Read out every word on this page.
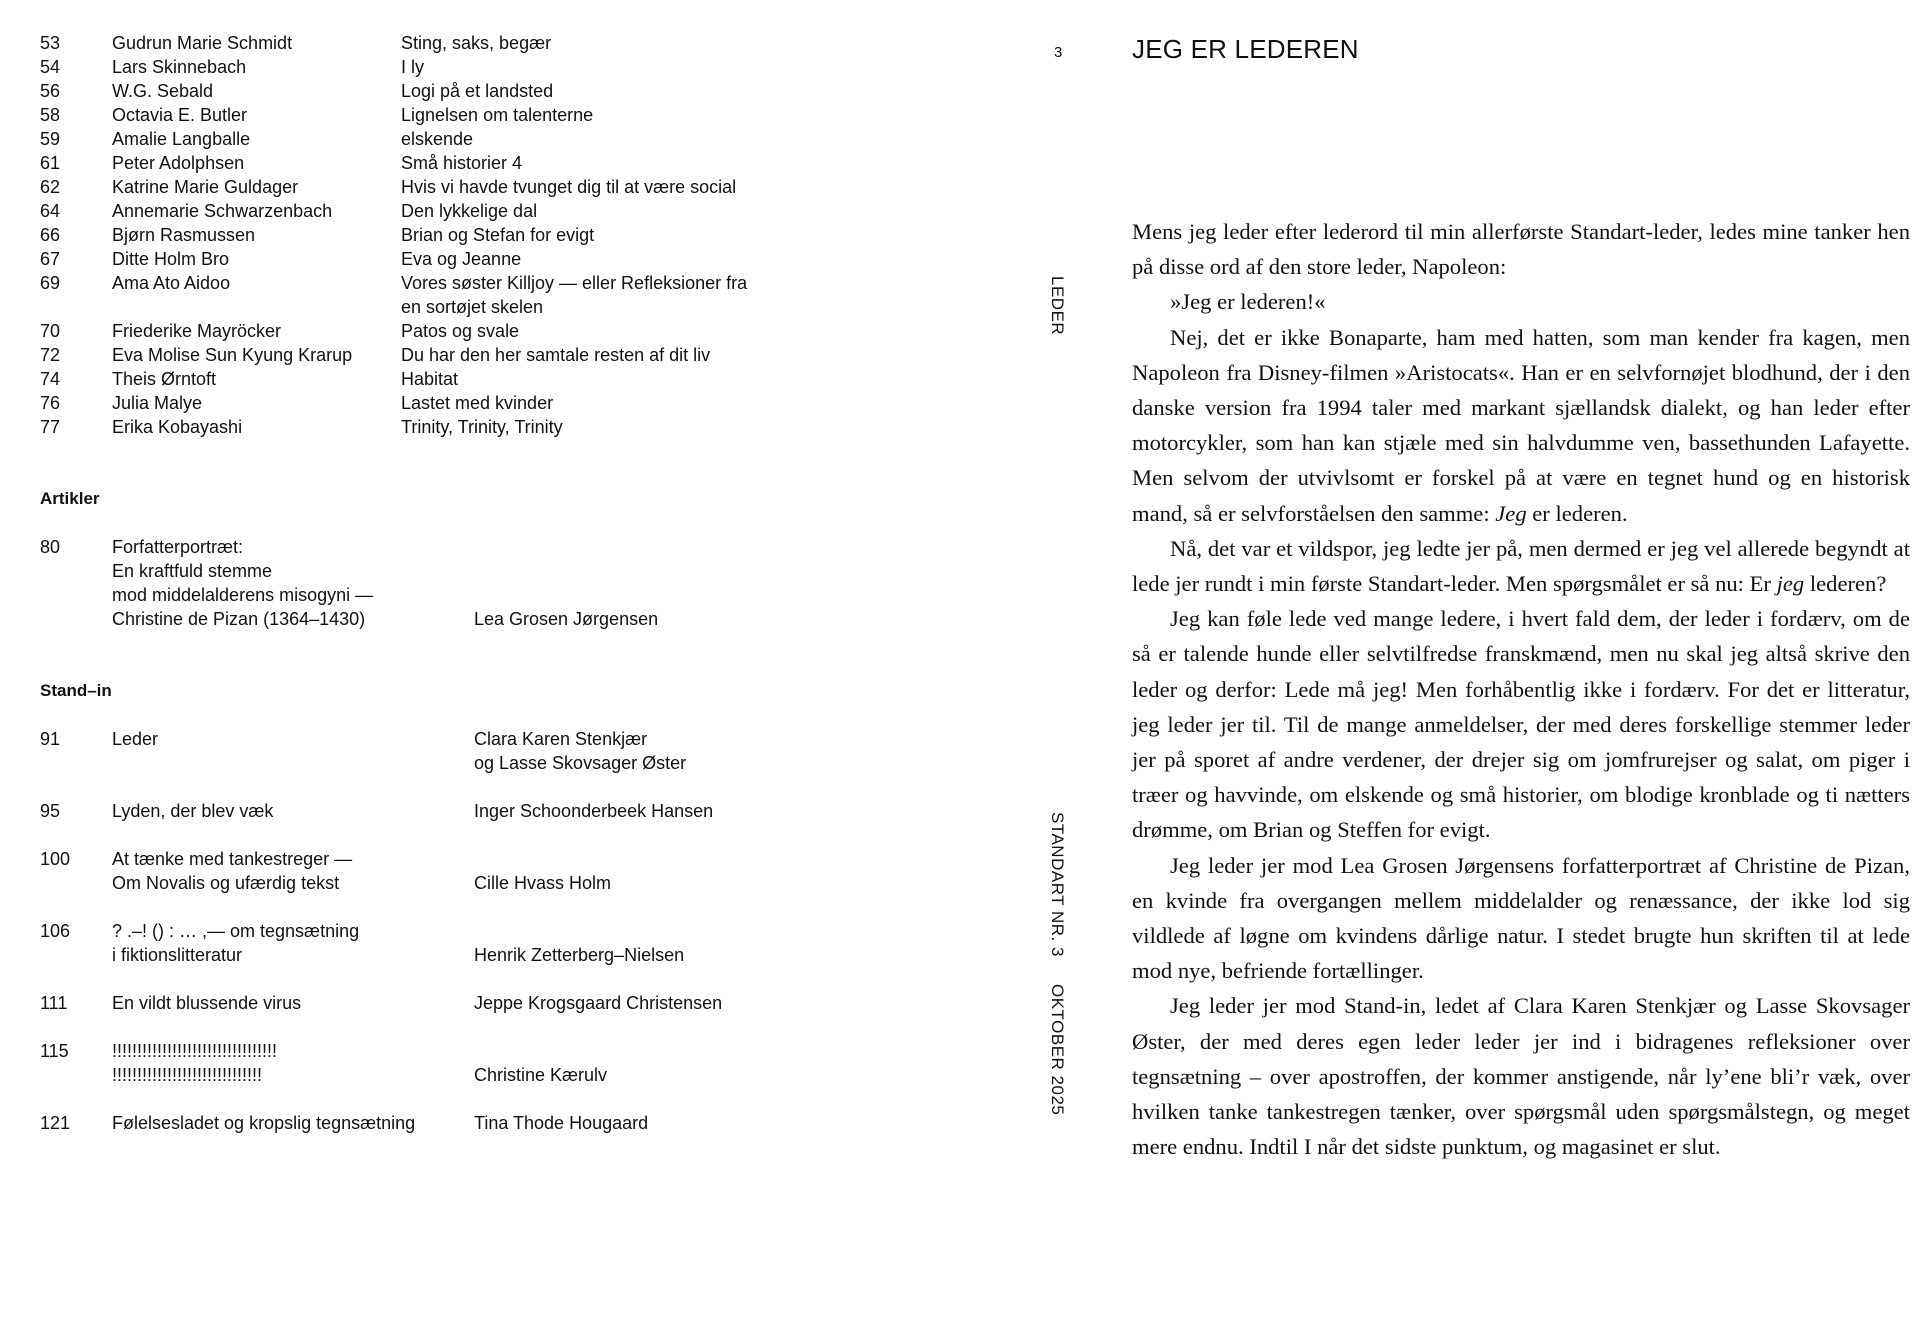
53	Gudrun Marie Schmidt	Sting, saks, begær
54	Lars Skinnebach	I ly
56	W.G. Sebald	Logi på et landsted
58	Octavia E. Butler	Lignelsen om talenterne
59	Amalie Langballe	elskende
61	Peter Adolphsen	Små historier 4
62	Katrine Marie Guldager	Hvis vi havde tvunget dig til at være social
64	Annemarie Schwarzenbach	Den lykkelige dal
66	Bjørn Rasmussen	Brian og Stefan for evigt
67	Ditte Holm Bro	Eva og Jeanne
69	Ama Ato Aidoo	Vores søster Killjoy — eller Refleksioner fra
en sortøjet skelen
70	Friederike Mayröcker	Patos og svale
72	Eva Molise Sun Kyung Krarup	Du har den her samtale resten af dit liv
74	Theis Ørntoft	Habitat
76	Julia Malye	Lastet med kvinder
77	Erika Kobayashi	Trinity, Trinity, Trinity
Artikler
80	Forfatterportræt:
En kraftfuld stemme
mod middelalderens misogyni —
Christine de Pizan (1364–1430)	Lea Grosen Jørgensen
Stand–in
91	Leder
	Clara Karen Stenkjær
og Lasse Skovsager Øster
95	Lyden, der blev væk	Inger Schoonderbeek Hansen
100	At tænke med tankestreger —
Om Novalis og ufærdig tekst	Cille Hvass Holm
106	? .–! () : … ,— om tegnsætning
i fiktionslitteratur	Henrik Zetterberg–Nielsen
111	En vildt blussende virus	Jeppe Krogsgaard Christensen
115	!!!!!!!!!!!!!!!!!!!!!!!!!!!!!!!!!
!!!!!!!!!!!!!!!!!!!!!!!!!!!!!!	Christine Kærulv
121	Følelsesladet og kropslig tegnsætning	Tina Thode Hougaard
3
LEDER
STANDART NR. 3
OKTOBER 2025
JEG ER LEDEREN

Mens jeg leder efter lederord til min allerførste Standart-leder, ledes mine tanker hen på disse ord af den store leder, Napoleon:

»Jeg er lederen!«

Nej, det er ikke Bonaparte, ham med hatten, som man kender fra kagen, men Napoleon fra Disney-filmen »Aristocats«. Han er en selvfornøjet blodhund, der i den danske version fra 1994 taler med markant sjællandsk dialekt, og han leder efter motorcykler, som han kan stjæle med sin halvdumme ven, bassethunden Lafayette. Men selvom der utvivlsomt er forskel på at være en tegnet hund og en historisk mand, så er selvforståelsen den samme: Jeg er lederen.

Nå, det var et vildspor, jeg ledte jer på, men dermed er jeg vel allerede begyndt at lede jer rundt i min første Standart-leder. Men spørgsmålet er så nu: Er jeg lederen?

Jeg kan føle lede ved mange ledere, i hvert fald dem, der leder i fordærv, om de så er talende hunde eller selvtilfredse franskmænd, men nu skal jeg altså skrive den leder og derfor: Lede må jeg! Men forhåbentlig ikke i fordærv. For det er litteratur, jeg leder jer til. Til de mange anmeldelser, der med deres forskellige stemmer leder jer på sporet af andre verdener, der drejer sig om jomfrurejser og salat, om piger i træer og havvinde, om elskende og små historier, om blodige kronblade og ti nætters drømme, om Brian og Steffen for evigt.

Jeg leder jer mod Lea Grosen Jørgensens forfatterportræt af Christine de Pizan, en kvinde fra overgangen mellem middelalder og renæssance, der ikke lod sig vildlede af løgne om kvindens dårlige natur. I stedet brugte hun skriften til at lede mod nye, befriende fortællinger.

Jeg leder jer mod Stand-in, ledet af Clara Karen Stenkjær og Lasse Skovsager Øster, der med deres egen leder leder jer ind i bidragenes refleksioner over tegnsætning – over apostroffen, der kommer anstigende, når ly’ene bli’r væk, over hvilken tanke tankestregen tænker, over spørgsmål uden spørgsmålstegn, og meget mere endnu. Indtil I når det sidste punktum, og magasinet er slut.
